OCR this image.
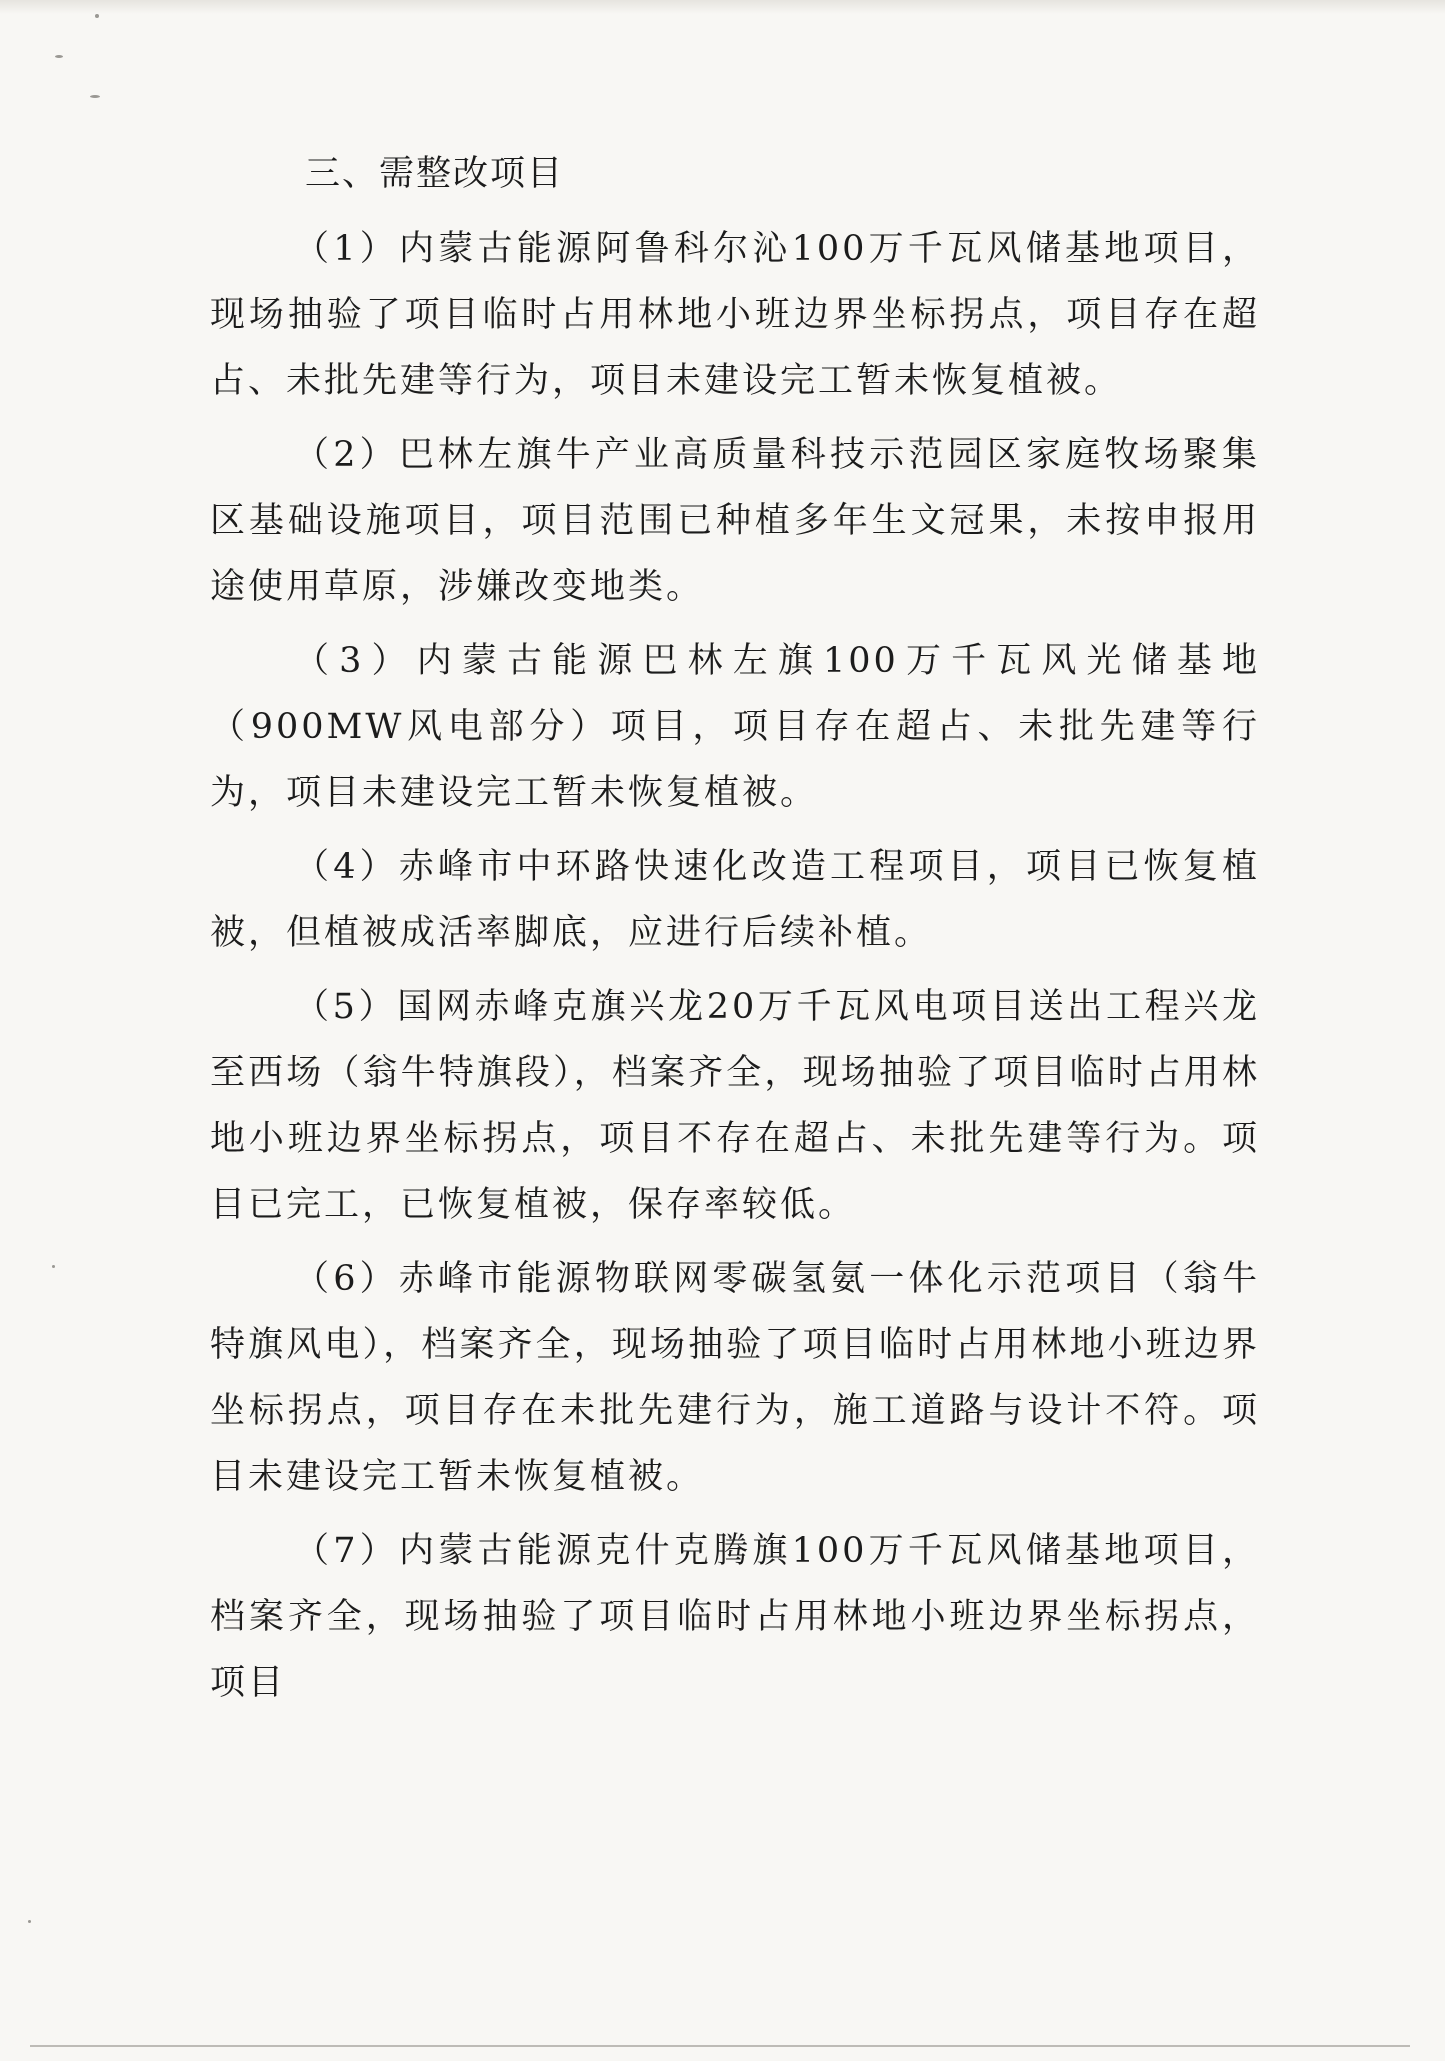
三、需整改项目

（1）内蒙古能源阿鲁科尔沁100万千瓦风储基地项目，现场抽验了项目临时占用林地小班边界坐标拐点，项目存在超占、未批先建等行为，项目未建设完工暂未恢复植被。

（2）巴林左旗牛产业高质量科技示范园区家庭牧场聚集区基础设施项目，项目范围已种植多年生文冠果，未按申报用途使用草原，涉嫌改变地类。

（3）内蒙古能源巴林左旗100万千瓦风光储基地（900MW风电部分）项目，项目存在超占、未批先建等行为，项目未建设完工暂未恢复植被。

（4）赤峰市中环路快速化改造工程项目，项目已恢复植被，但植被成活率脚底，应进行后续补植。

（5）国网赤峰克旗兴龙20万千瓦风电项目送出工程兴龙至西场（翁牛特旗段），档案齐全，现场抽验了项目临时占用林地小班边界坐标拐点，项目不存在超占、未批先建等行为。项目已完工，已恢复植被，保存率较低。

（6）赤峰市能源物联网零碳氢氨一体化示范项目（翁牛特旗风电），档案齐全，现场抽验了项目临时占用林地小班边界坐标拐点，项目存在未批先建行为，施工道路与设计不符。项目未建设完工暂未恢复植被。

（7）内蒙古能源克什克腾旗100万千瓦风储基地项目，档案齐全，现场抽验了项目临时占用林地小班边界坐标拐点，项目
